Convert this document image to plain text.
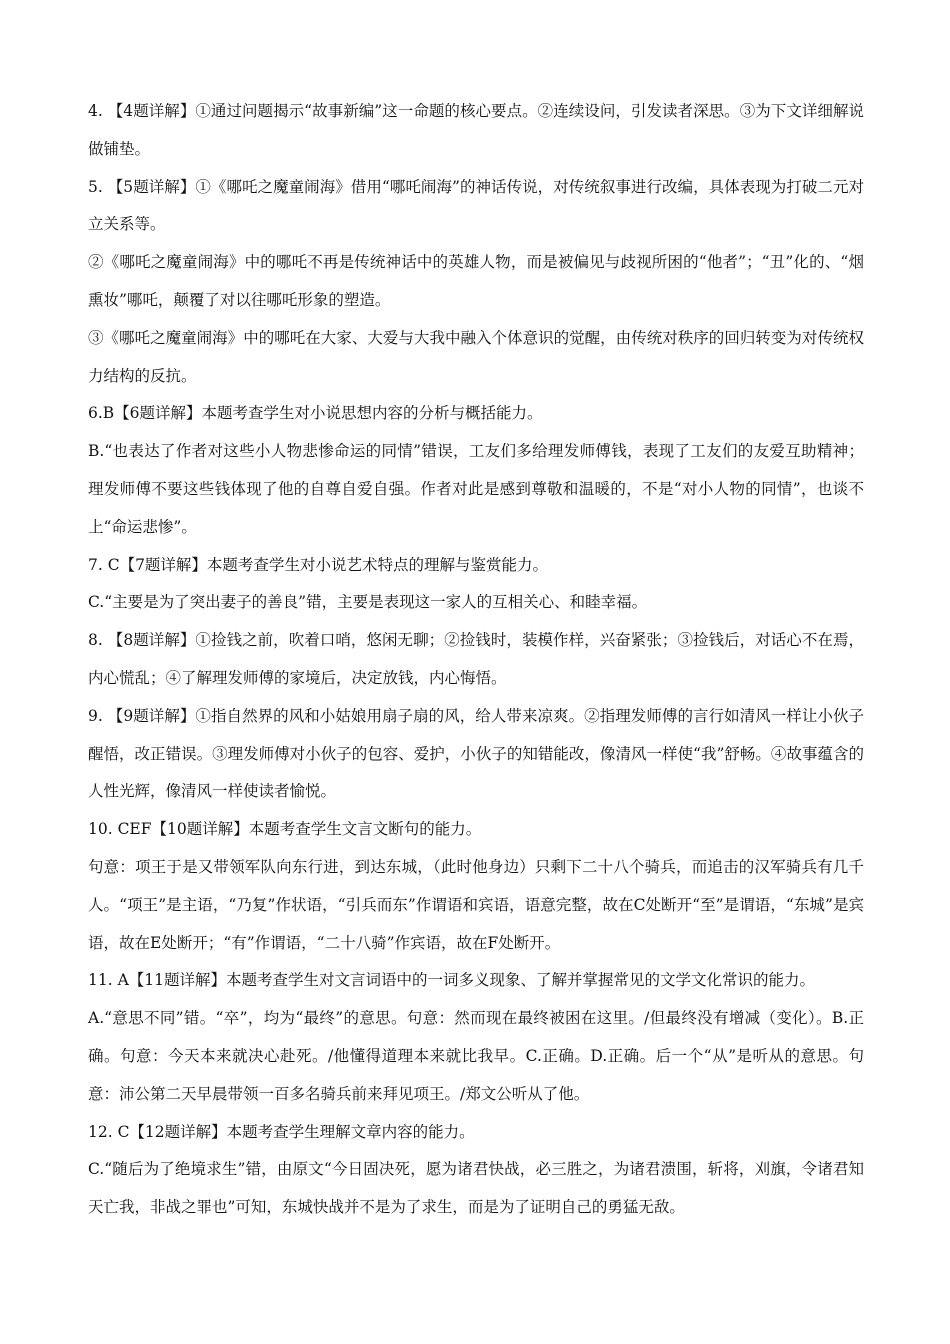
4. 【4题详解】①通过问题揭示“故事新编”这一命题的核心要点。②连续设问，引发读者深思。③为下文详细解说做铺垫。

5. 【5题详解】①《哪吒之魔童闹海》借用“哪吒闹海”的神话传说，对传统叙事进行改编，具体表现为打破二元对立关系等。

②《哪吒之魔童闹海》中的哪吒不再是传统神话中的英雄人物，而是被偏见与歧视所困的“他者”；“丑”化的、“烟熏妆”哪吒，颠覆了对以往哪吒形象的塑造。

③《哪吒之魔童闹海》中的哪吒在大家、大爱与大我中融入个体意识的觉醒，由传统对秩序的回归转变为对传统权力结构的反抗。

6.B【6题详解】本题考查学生对小说思想内容的分析与概括能力。

B.“也表达了作者对这些小人物悲惨命运的同情”错误，工友们多给理发师傅钱，表现了工友们的友爱互助精神；理发师傅不要这些钱体现了他的自尊自爱自强。作者对此是感到尊敬和温暖的，不是“对小人物的同情”，也谈不上“命运悲惨”。

7. C【7题详解】本题考查学生对小说艺术特点的理解与鉴赏能力。

C.“主要是为了突出妻子的善良”错，主要是表现这一家人的互相关心、和睦幸福。

8. 【8题详解】①捡钱之前，吹着口哨，悠闲无聊；②捡钱时，装模作样，兴奋紧张；③捡钱后，对话心不在焉，内心慌乱；④了解理发师傅的家境后，决定放钱，内心悔悟。

9. 【9题详解】①指自然界的风和小姑娘用扇子扇的风，给人带来凉爽。②指理发师傅的言行如清风一样让小伙子醒悟，改正错误。③理发师傅对小伙子的包容、爱护，小伙子的知错能改，像清风一样使“我”舒畅。④故事蕴含的人性光辉，像清风一样使读者愉悦。

10. CEF【10题详解】本题考查学生文言文断句的能力。

句意：项王于是又带领军队向东行进，到达东城，（此时他身边）只剩下二十八个骑兵，而追击的汉军骑兵有几千人。“项王”是主语，“乃复”作状语，“引兵而东”作谓语和宾语，语意完整，故在C处断开“至”是谓语，“东城”是宾语，故在E处断开；“有”作谓语，“二十八骑”作宾语，故在F处断开。

11. A【11题详解】本题考查学生对文言词语中的一词多义现象、了解并掌握常见的文学文化常识的能力。

A.“意思不同”错。“卒”，均为“最终”的意思。句意：然而现在最终被困在这里。/但最终没有增减（变化）。B.正确。句意：今天本来就决心赴死。/他懂得道理本来就比我早。C.正确。D.正确。后一个“从”是听从的意思。句意：沛公第二天早晨带领一百多名骑兵前来拜见项王。/郑文公听从了他。

12. C【12题详解】本题考查学生理解文章内容的能力。

C.“随后为了绝境求生”错，由原文“今日固决死，愿为诸君快战，必三胜之，为诸君溃围，斩将，刈旗，令诸君知天亡我，非战之罪也”可知，东城快战并不是为了求生，而是为了证明自己的勇猛无敌。
